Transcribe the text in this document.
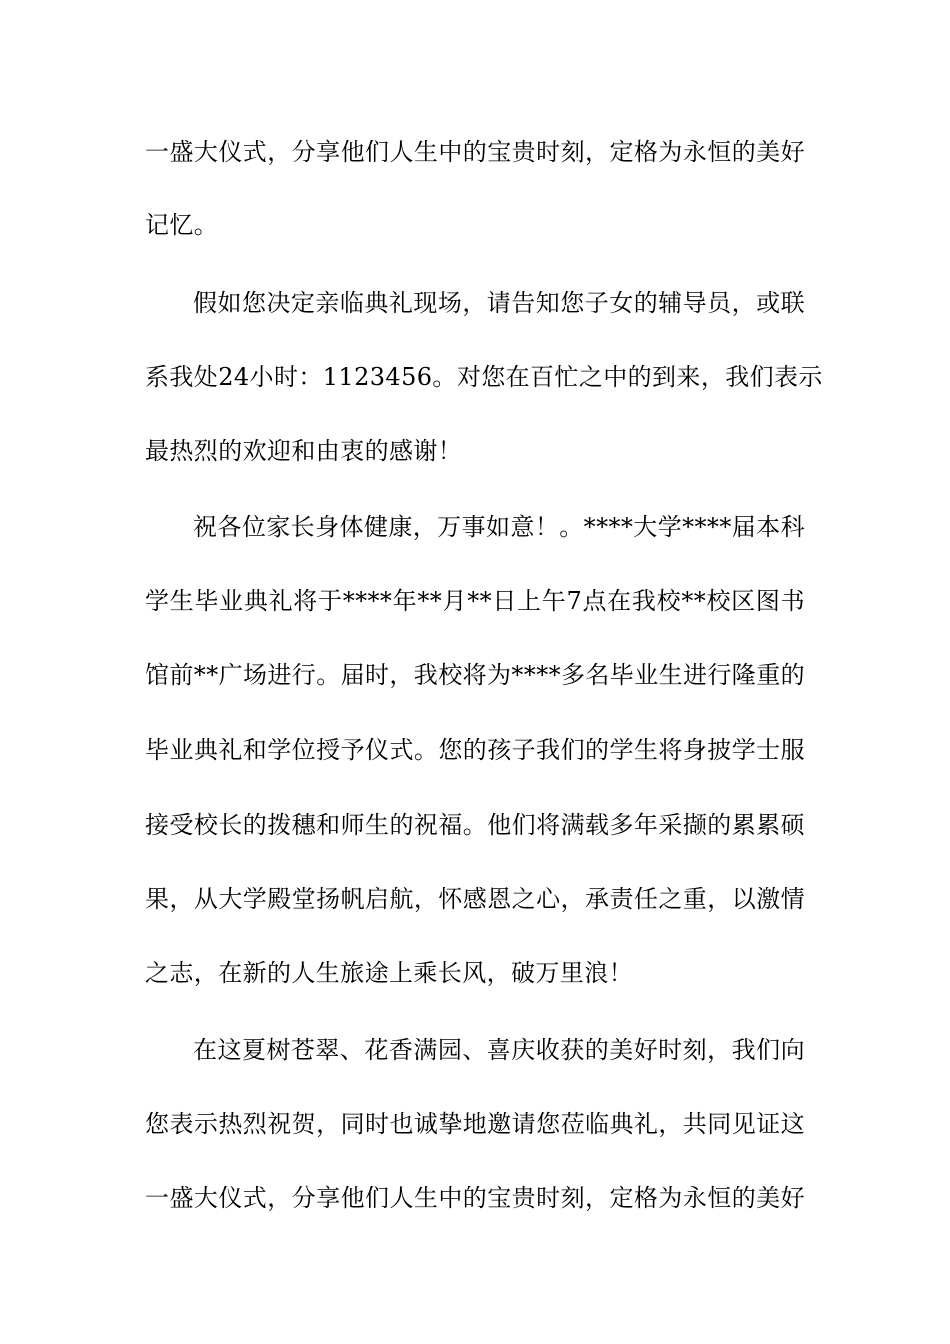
一盛大仪式，分享他们人生中的宝贵时刻，定格为永恒的美好
记忆。
假如您决定亲临典礼现场，请告知您子女的辅导员，或联
系我处24小时：1123456。对您在百忙之中的到来，我们表示
最热烈的欢迎和由衷的感谢！
祝各位家长身体健康，万事如意！。****大学****届本科
学生毕业典礼将于****年**月**日上午7点在我校**校区图书
馆前**广场进行。届时，我校将为****多名毕业生进行隆重的
毕业典礼和学位授予仪式。您的孩子我们的学生将身披学士服
接受校长的拨穗和师生的祝福。他们将满载多年采撷的累累硕
果，从大学殿堂扬帆启航，怀感恩之心，承责任之重，以激情
之志，在新的人生旅途上乘长风，破万里浪！
在这夏树苍翠、花香满园、喜庆收获的美好时刻，我们向
您表示热烈祝贺，同时也诚挚地邀请您莅临典礼，共同见证这
一盛大仪式，分享他们人生中的宝贵时刻，定格为永恒的美好
